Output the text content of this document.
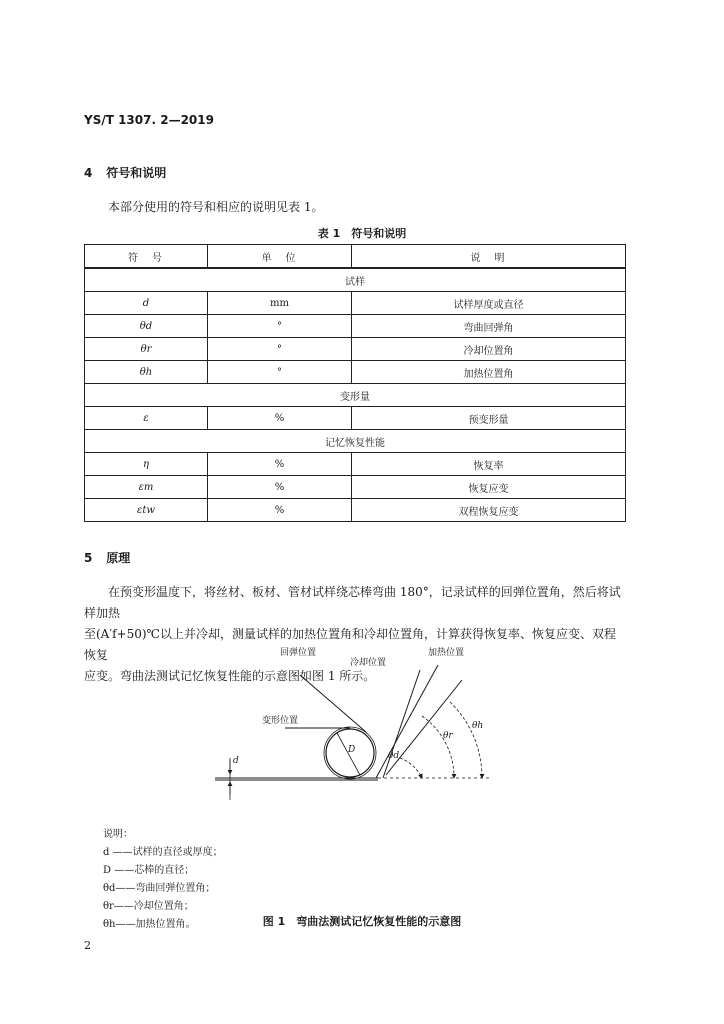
YS/T 1307. 2—2019
4 符号和说明
本部分使用的符号和相应的说明见表 1。
表 1　符号和说明
符　号	单　位	说　明
试样		
d	mm	试样厚度或直径
θd	°	弯曲回弹角
θr	°	冷却位置角
θh	°	加热位置角
变形量		
ε	%	预变形量
记忆恢复性能		
η	%	恢复率
εm	%	恢复应变
εtw	%	双程恢复应变
5 原理
在预变形温度下，将丝材、板材、管材试样绕芯棒弯曲 180°，记录试样的回弹位置角，然后将试样加热
至(A′f+50)℃以上并冷却，测量试样的加热位置角和冷却位置角，计算获得恢复率、恢复应变、双程恢复
应变。弯曲法测试记忆恢复性能的示意图如图 1 所示。
回弹位置
冷却位置
加热位置
变形位置
D
d	θd
θr
θh
说明：
d ——试样的直径或厚度；
D ——芯棒的直径；
θd——弯曲回弹位置角；
θr——冷却位置角；
θh——加热位置角。	图 1　弯曲法测试记忆恢复性能的示意图
2
